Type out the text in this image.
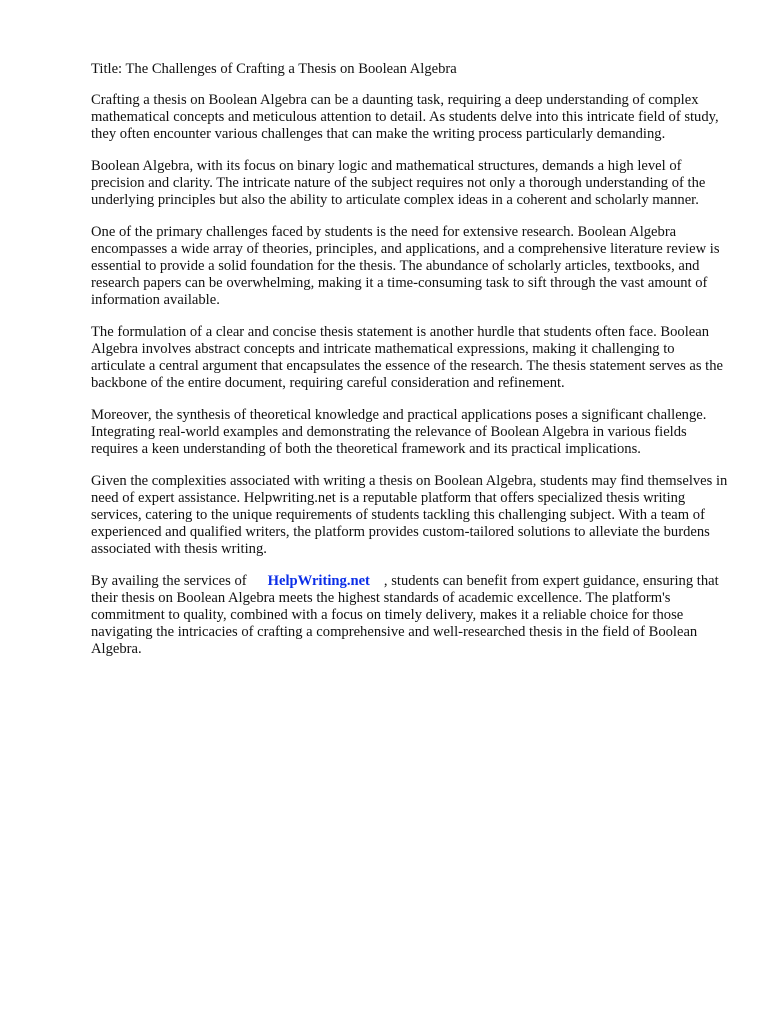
Title: The Challenges of Crafting a Thesis on Boolean Algebra

Crafting a thesis on Boolean Algebra can be a daunting task, requiring a deep understanding of complex mathematical concepts and meticulous attention to detail. As students delve into this intricate field of study, they often encounter various challenges that can make the writing process particularly demanding.

Boolean Algebra, with its focus on binary logic and mathematical structures, demands a high level of precision and clarity. The intricate nature of the subject requires not only a thorough understanding of the underlying principles but also the ability to articulate complex ideas in a coherent and scholarly manner.

One of the primary challenges faced by students is the need for extensive research. Boolean Algebra encompasses a wide array of theories, principles, and applications, and a comprehensive literature review is essential to provide a solid foundation for the thesis. The abundance of scholarly articles, textbooks, and research papers can be overwhelming, making it a time-consuming task to sift through the vast amount of information available.

The formulation of a clear and concise thesis statement is another hurdle that students often face. Boolean Algebra involves abstract concepts and intricate mathematical expressions, making it challenging to articulate a central argument that encapsulates the essence of the research. The thesis statement serves as the backbone of the entire document, requiring careful consideration and refinement.

Moreover, the synthesis of theoretical knowledge and practical applications poses a significant challenge. Integrating real-world examples and demonstrating the relevance of Boolean Algebra in various fields requires a keen understanding of both the theoretical framework and its practical implications.

Given the complexities associated with writing a thesis on Boolean Algebra, students may find themselves in need of expert assistance. Helpwriting.net is a reputable platform that offers specialized thesis writing services, catering to the unique requirements of students tackling this challenging subject. With a team of experienced and qualified writers, the platform provides custom-tailored solutions to alleviate the burdens associated with thesis writing.

By availing the services of HelpWriting.net , students can benefit from expert guidance, ensuring that their thesis on Boolean Algebra meets the highest standards of academic excellence. The platform's commitment to quality, combined with a focus on timely delivery, makes it a reliable choice for those navigating the intricacies of crafting a comprehensive and well-researched thesis in the field of Boolean Algebra.
